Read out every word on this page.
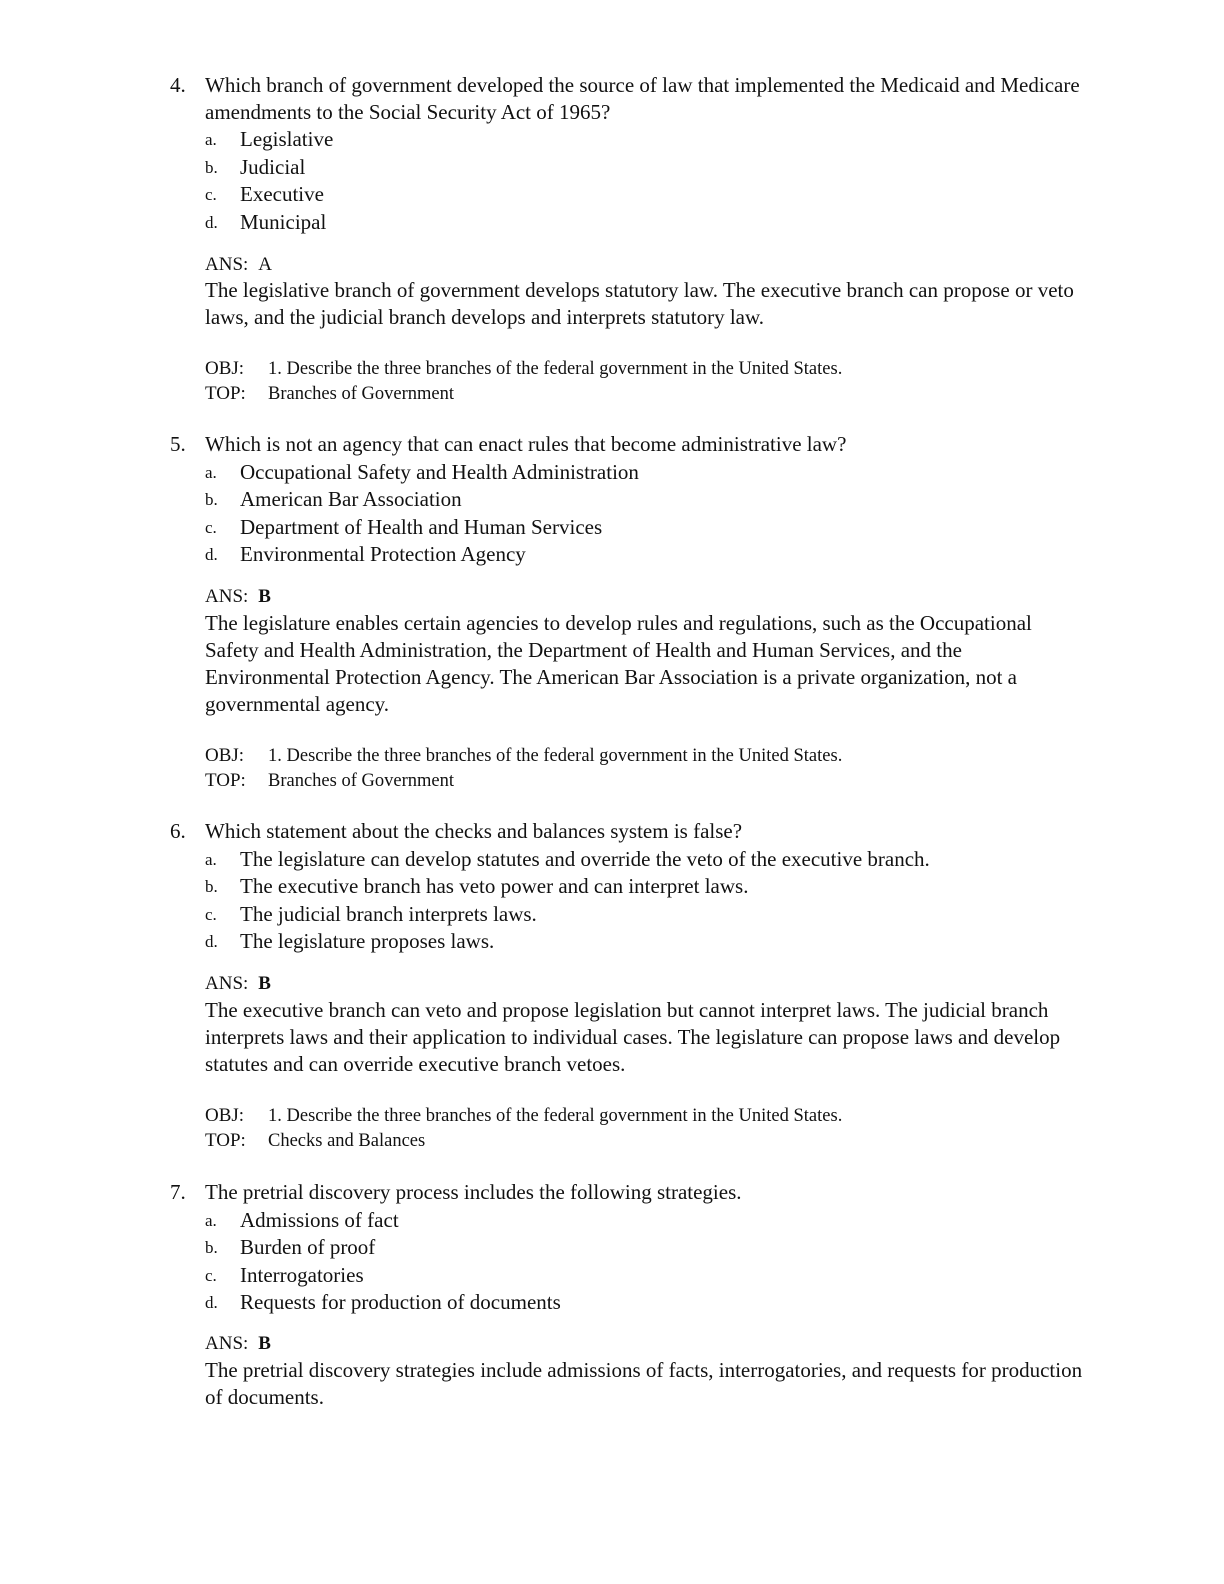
4. Which branch of government developed the source of law that implemented the Medicaid and Medicare amendments to the Social Security Act of 1965?
a. Legislative
b. Judicial
c. Executive
d. Municipal
ANS: A
The legislative branch of government develops statutory law. The executive branch can propose or veto laws, and the judicial branch develops and interprets statutory law.
OBJ: 1. Describe the three branches of the federal government in the United States.
TOP: Branches of Government
5. Which is not an agency that can enact rules that become administrative law?
a. Occupational Safety and Health Administration
b. American Bar Association
c. Department of Health and Human Services
d. Environmental Protection Agency
ANS: B
The legislature enables certain agencies to develop rules and regulations, such as the Occupational Safety and Health Administration, the Department of Health and Human Services, and the Environmental Protection Agency. The American Bar Association is a private organization, not a governmental agency.
OBJ: 1. Describe the three branches of the federal government in the United States.
TOP: Branches of Government
6. Which statement about the checks and balances system is false?
a. The legislature can develop statutes and override the veto of the executive branch.
b. The executive branch has veto power and can interpret laws.
c. The judicial branch interprets laws.
d. The legislature proposes laws.
ANS: B
The executive branch can veto and propose legislation but cannot interpret laws. The judicial branch interprets laws and their application to individual cases. The legislature can propose laws and develop statutes and can override executive branch vetoes.
OBJ: 1. Describe the three branches of the federal government in the United States.
TOP: Checks and Balances
7. The pretrial discovery process includes the following strategies.
a. Admissions of fact
b. Burden of proof
c. Interrogatories
d. Requests for production of documents
ANS: B
The pretrial discovery strategies include admissions of facts, interrogatories, and requests for production of documents.
